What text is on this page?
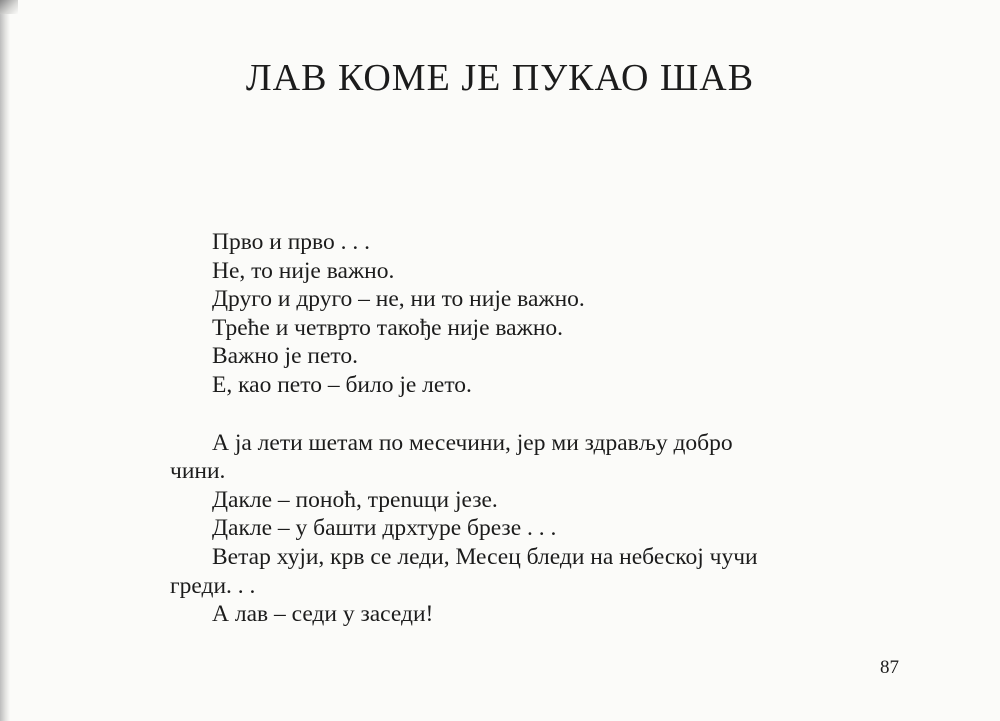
ЛАВ КОМЕ ЈЕ ПУКАО ШАВ
Прво и прво . . .
Не, то није важно.
Друго и друго – не, ни то није важно.
Треће и четврто такође није важно.
Важно је пето.
Е, као пето – било је лето.
А ја лети шетам по месечини, јер ми здрављу добро
чини.
Дакле – поноћ, трenuци језе.
Дакле – у башти дрхтуре брезе . . .
Ветар хуји, крв се леди, Месец бледи на небеској чучи
греди. . .
А лав – седи у заседи!
87
